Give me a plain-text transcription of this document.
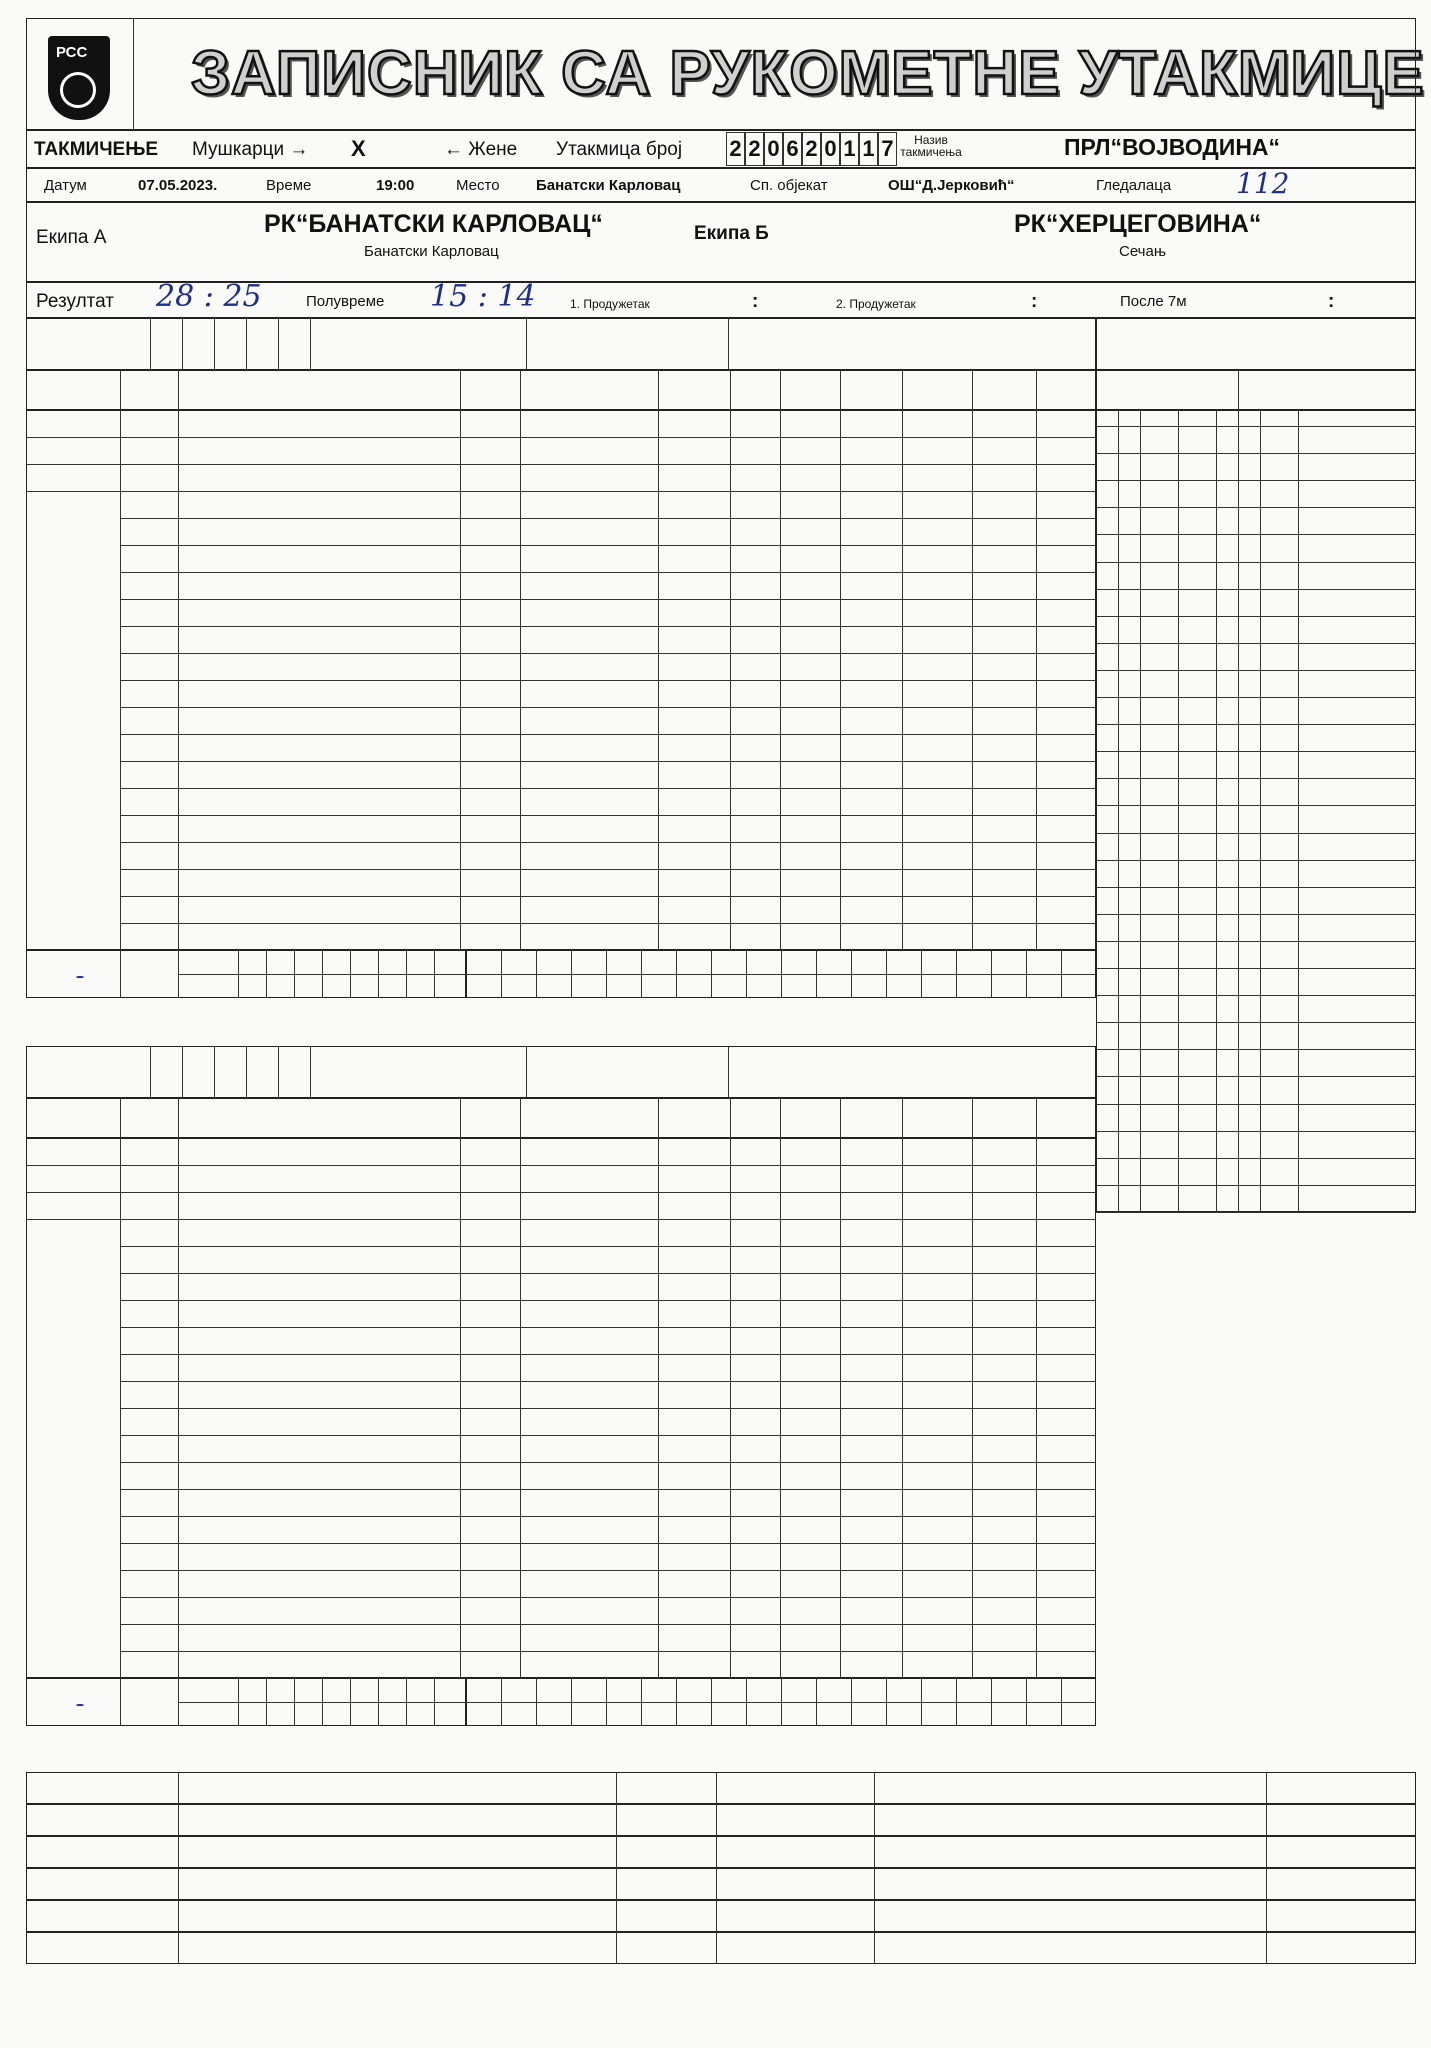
РСС ЗАПИСНИК СА РУКОМЕТНЕ УТАКМИЦЕ
ТАКМИЧЕЊЕ Мушкарци → X	← Жене Утакмица број 2 2 0 6 2 0 1 1 7	Назив такмичења	ПРЛ“ВОЈВОДИНА“
Датум	07.05.2023.	Време	19:00	Место Банатски Карловац	Сп. објекат	ОШ“Д.Јерковић“	Гледалаца 112
Екипа А	РК“БАНАТСКИ КАРЛОВАЦ“
Банатски Карловац
Екипа Б	РК“ХЕРЦЕГОВИНА“
Сечањ
Резултат 28 : 25	Полувреме 15 : 14	1. Продужетак	:	2. Продужетак	:	После 7м	:
